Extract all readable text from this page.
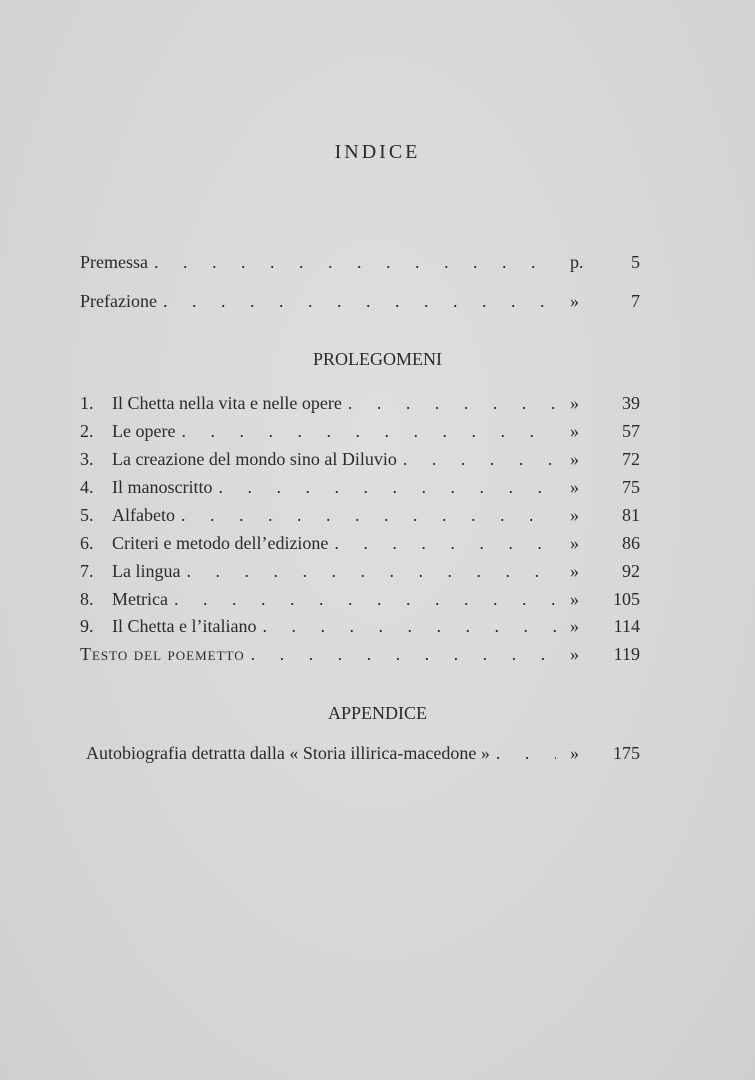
INDICE
Premessa . . .	p.	5
Prefazione . . .	»	7
PROLEGOMENI
1.	Il Chetta nella vita e nelle opere . . .	»	39
2.	Le opere . . .	»	57
3.	La creazione del mondo sino al Diluvio . . .	»	72
4.	Il manoscritto . . .	»	75
5.	Alfabeto . . .	»	81
6.	Criteri e metodo dell’edizione . . .	»	86
7.	La lingua . . .	»	92
8.	Metrica . . .	»	105
9.	Il Chetta e l’italiano . . .	»	114
Testo del poemetto . . .	»	119
APPENDICE
Autobiografia detratta dalla « Storia illirica-macedone » . . .	»	175
